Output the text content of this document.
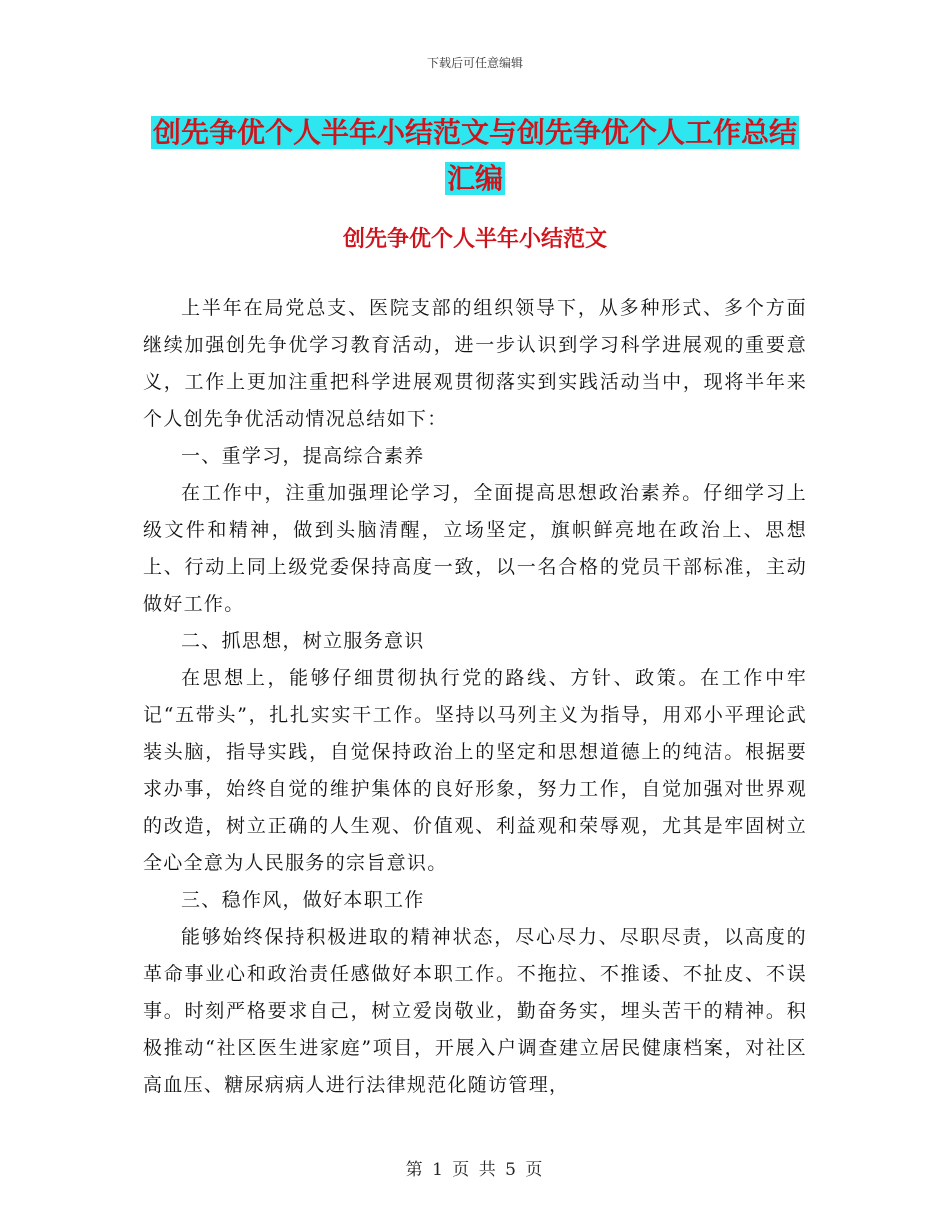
下载后可任意编辑
创先争优个人半年小结范文与创先争优个人工作总结
汇编
创先争优个人半年小结范文

上半年在局党总支、医院支部的组织领导下，从多种形式、多个方面继续加强创先争优学习教育活动，进一步认识到学习科学进展观的重要意义，工作上更加注重把科学进展观贯彻落实到实践活动当中，现将半年来个人创先争优活动情况总结如下：

一、重学习，提高综合素养

在工作中，注重加强理论学习，全面提高思想政治素养。仔细学习上级文件和精神，做到头脑清醒，立场坚定，旗帜鲜亮地在政治上、思想上、行动上同上级党委保持高度一致，以一名合格的党员干部标准，主动做好工作。

二、抓思想，树立服务意识

在思想上，能够仔细贯彻执行党的路线、方针、政策。在工作中牢记“五带头”，扎扎实实干工作。坚持以马列主义为指导，用邓小平理论武装头脑，指导实践，自觉保持政治上的坚定和思想道德上的纯洁。根据要求办事，始终自觉的维护集体的良好形象，努力工作，自觉加强对世界观的改造，树立正确的人生观、价值观、利益观和荣辱观，尤其是牢固树立全心全意为人民服务的宗旨意识。

三、稳作风，做好本职工作

能够始终保持积极进取的精神状态，尽心尽力、尽职尽责，以高度的革命事业心和政治责任感做好本职工作。不拖拉、不推诿、不扯皮、不误事。时刻严格要求自己，树立爱岗敬业，勤奋务实，埋头苦干的精神。积极推动“社区医生进家庭”项目，开展入户调查建立居民健康档案，对社区高血压、糖尿病病人进行法律规范化随访管理，

第 1 页 共 5 页
